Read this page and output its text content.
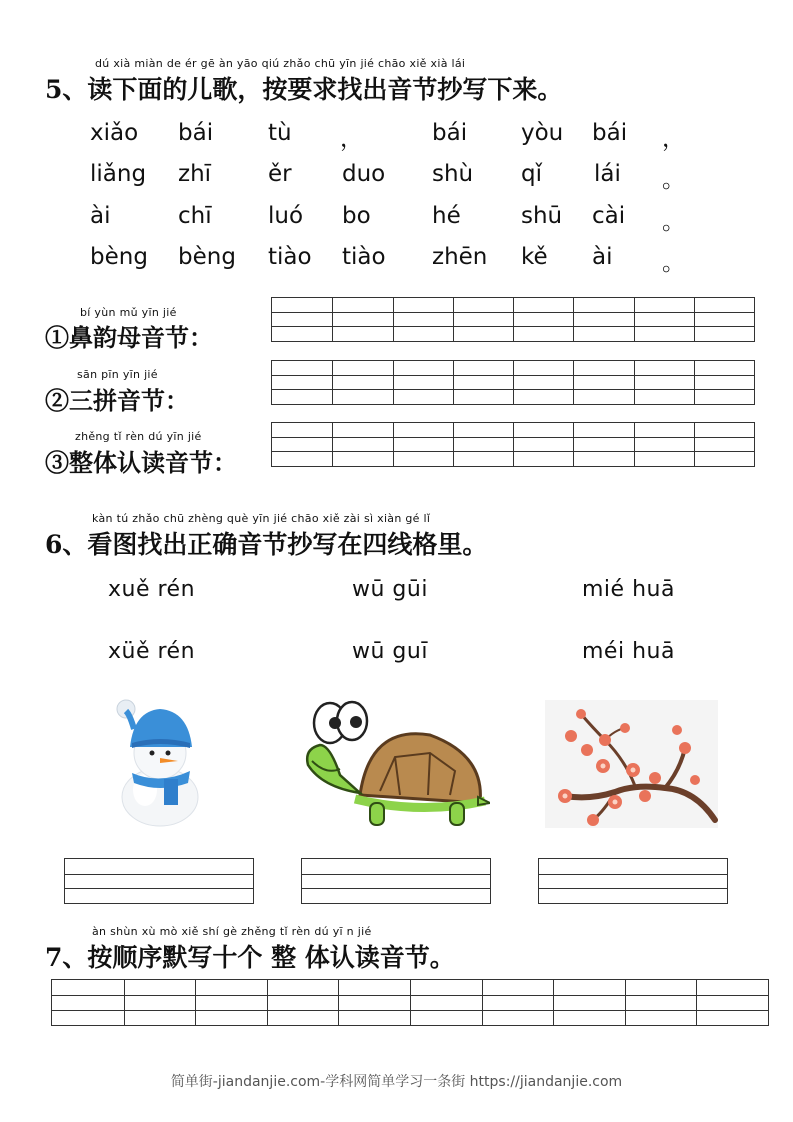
dú xià miàn de ér gē àn yāo qiú zhǎo chū yīn jié chāo xiě xià lái
5、读下面的儿歌，按要求找出音节抄写下来。
xiǎo bái tù ，	bái yòu bái ，
liǎng zhī ěr duo shù qǐ lái 。
ài	chī luó bo	hé	shū cài 。
bèng bèng tiào tiào zhēn kě ài 。
bí yùn mǔ yīn jié
①鼻韵母音节：
sān pīn yīn jié
②三拼音节：
zhěng tǐ rèn dú yīn jié
③整体认读音节：
kàn tú zhǎo chū zhèng què yīn jié chāo xiě zài sì xiàn gé lǐ
6、看图找出正确音节抄写在四线格里。
xuě rén	wū gūi	mié huā
xüě rén	wū guī	méi huā
àn shùn xù mò xiě shí gè zhěng tǐ rèn dú yī n jié
7、按顺序默写十个 整 体认读音节。
简单街-jiandanjie.com-学科网简单学习一条街 https://jiandanjie.com
